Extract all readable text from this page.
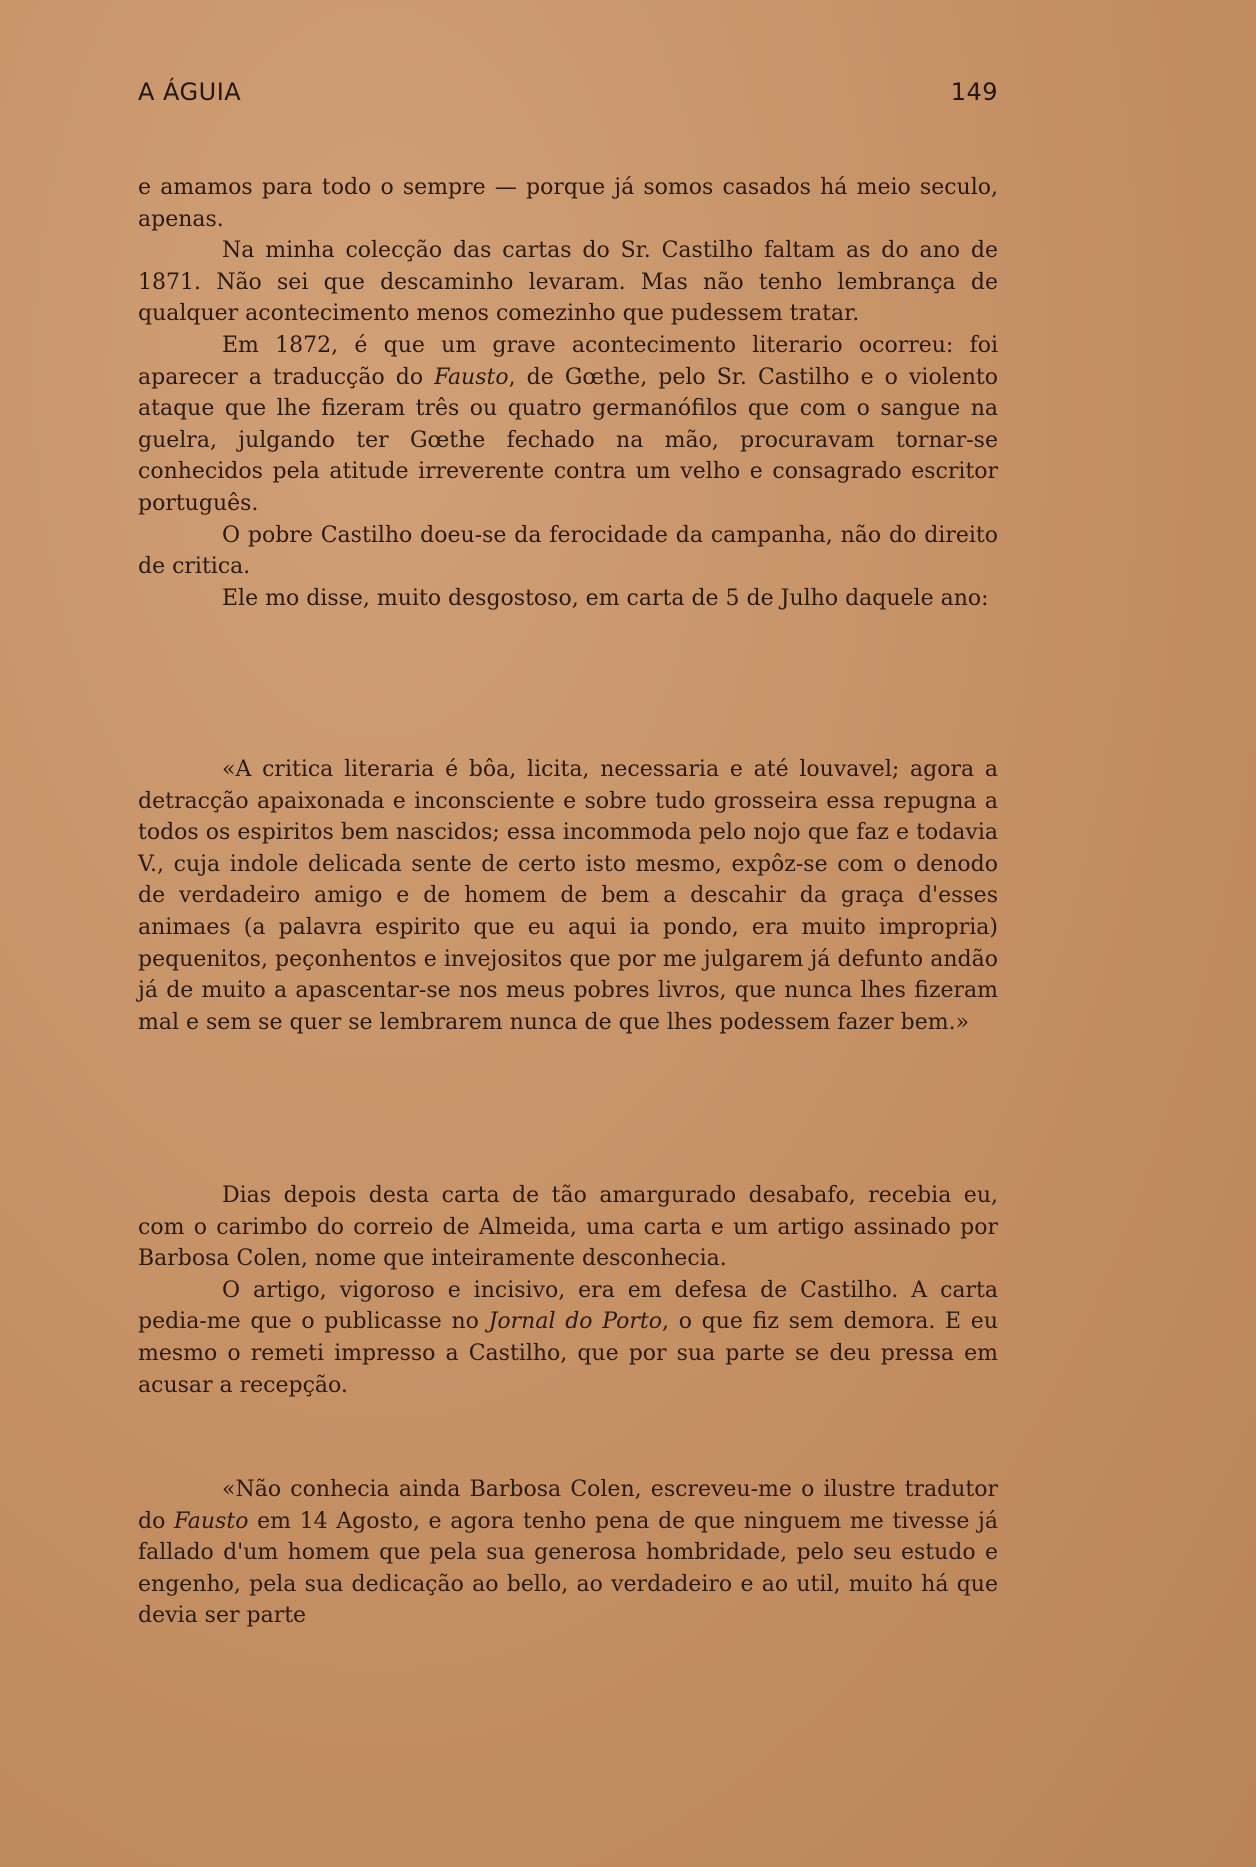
A ÁGUIA	149

e amamos para todo o sempre — porque já somos casados há meio seculo, apenas.

Na minha colecção das cartas do Sr. Castilho faltam as do ano de 1871. Não sei que descaminho levaram. Mas não tenho lembrança de qualquer acontecimento menos comezinho que pudessem tratar.

Em 1872, é que um grave acontecimento literario ocorreu: foi aparecer a traducção do Fausto, de Gœthe, pelo Sr. Castilho e o violento ataque que lhe fizeram três ou quatro germanófilos que com o sangue na guelra, julgando ter Gœthe fechado na mão, procuravam tornar-se conhecidos pela atitude irreverente contra um velho e consagrado escritor português.

O pobre Castilho doeu-se da ferocidade da campanha, não do direito de critica.

Ele mo disse, muito desgostoso, em carta de 5 de Julho daquele ano:

«A critica literaria é bôa, licita, necessaria e até louvavel; agora a detracção apaixonada e inconsciente e sobre tudo grosseira essa repugna a todos os espiritos bem nascidos; essa incommoda pelo nojo que faz e todavia V., cuja indole delicada sente de certo isto mesmo, expôz-se com o denodo de verdadeiro amigo e de homem de bem a descahir da graça d'esses animaes (a palavra espirito que eu aqui ia pondo, era muito impropria) pequenitos, peçonhentos e invejositos que por me julgarem já defunto andão já de muito a apascentar-se nos meus pobres livros, que nunca lhes fizeram mal e sem se quer se lembrarem nunca de que lhes podessem fazer bem.»

Dias depois desta carta de tão amargurado desabafo, recebia eu, com o carimbo do correio de Almeida, uma carta e um artigo assinado por Barbosa Colen, nome que inteiramente desconhecia.

O artigo, vigoroso e incisivo, era em defesa de Castilho. A carta pedia-me que o publicasse no Jornal do Porto, o que fiz sem demora. E eu mesmo o remeti impresso a Castilho, que por sua parte se deu pressa em acusar a recepção.

«Não conhecia ainda Barbosa Colen, escreveu-me o ilustre tradutor do Fausto em 14 Agosto, e agora tenho pena de que ninguem me tivesse já fallado d'um homem que pela sua generosa hombridade, pelo seu estudo e engenho, pela sua dedicação ao bello, ao verdadeiro e ao util, muito há que devia ser parte
